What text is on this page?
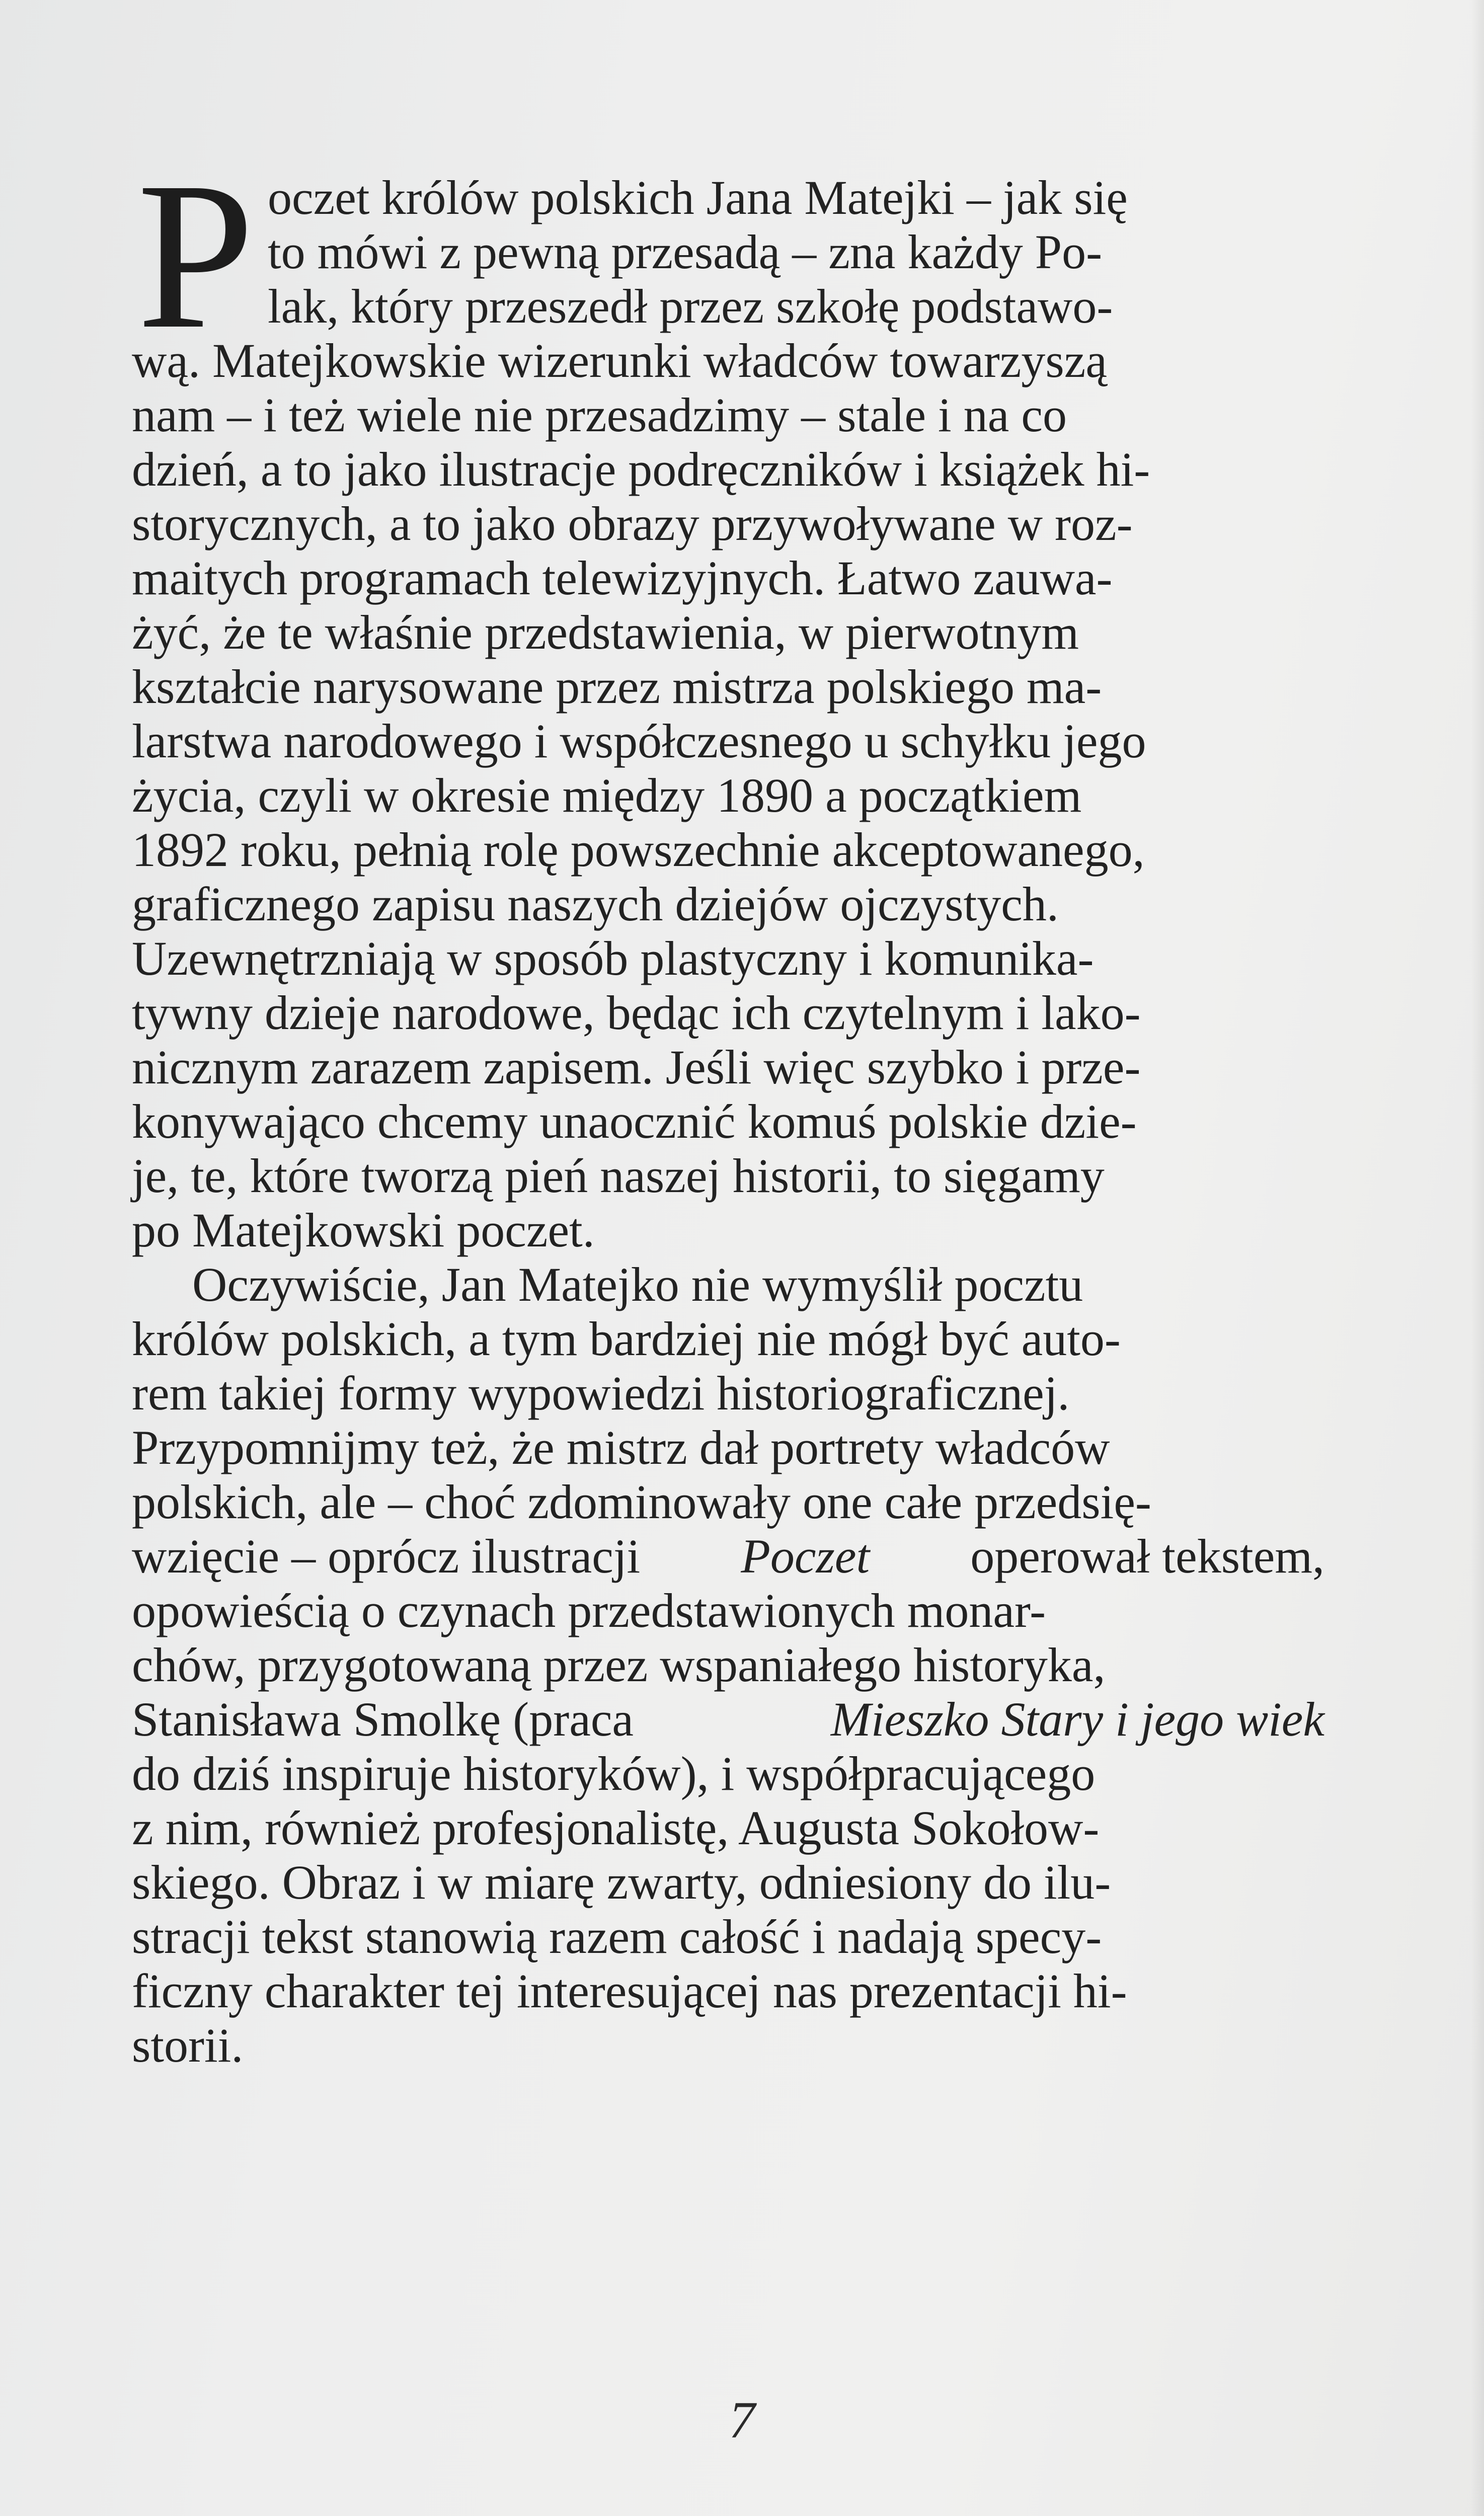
P oczet królów polskich Jana Matejki – jak się
to mówi z pewną przesadą – zna każdy Po-
lak, który przeszedł przez szkołę podstawo-
wą. Matejkowskie wizerunki władców towarzyszą
nam – i też wiele nie przesadzimy – stale i na co
dzień, a to jako ilustracje podręczników i książek hi-
storycznych, a to jako obrazy przywoływane w roz-
maitych programach telewizyjnych. Łatwo zauwa-
żyć, że te właśnie przedstawienia, w pierwotnym
kształcie narysowane przez mistrza polskiego ma-
larstwa narodowego i współczesnego u schyłku jego
życia, czyli w okresie między 1890 a początkiem
1892 roku, pełnią rolę powszechnie akceptowanego,
graficznego zapisu naszych dziejów ojczystych.
Uzewnętrzniają w sposób plastyczny i komunika-
tywny dzieje narodowe, będąc ich czytelnym i lako-
nicznym zarazem zapisem. Jeśli więc szybko i prze-
konywająco chcemy unaocznić komuś polskie dzie-
je, te, które tworzą pień naszej historii, to sięgamy
po Matejkowski poczet.
Oczywiście, Jan Matejko nie wymyślił pocztu
królów polskich, a tym bardziej nie mógł być auto-
rem takiej formy wypowiedzi historiograficznej.
Przypomnijmy też, że mistrz dał portrety władców
polskich, ale – choć zdominowały one całe przedsię-
wzięcie – oprócz ilustracji Poczet operował tekstem,
opowieścią o czynach przedstawionych monar-
chów, przygotowaną przez wspaniałego historyka,
Stanisława Smolkę (praca	Mieszko Stary i jego wiek
do dziś inspiruje historyków), i współpracującego
z nim, również profesjonalistę, Augusta Sokołow-
skiego. Obraz i w miarę zwarty, odniesiony do ilu-
stracji tekst stanowią razem całość i nadają specy-
ficzny charakter tej interesującej nas prezentacji hi-
storii.
7
